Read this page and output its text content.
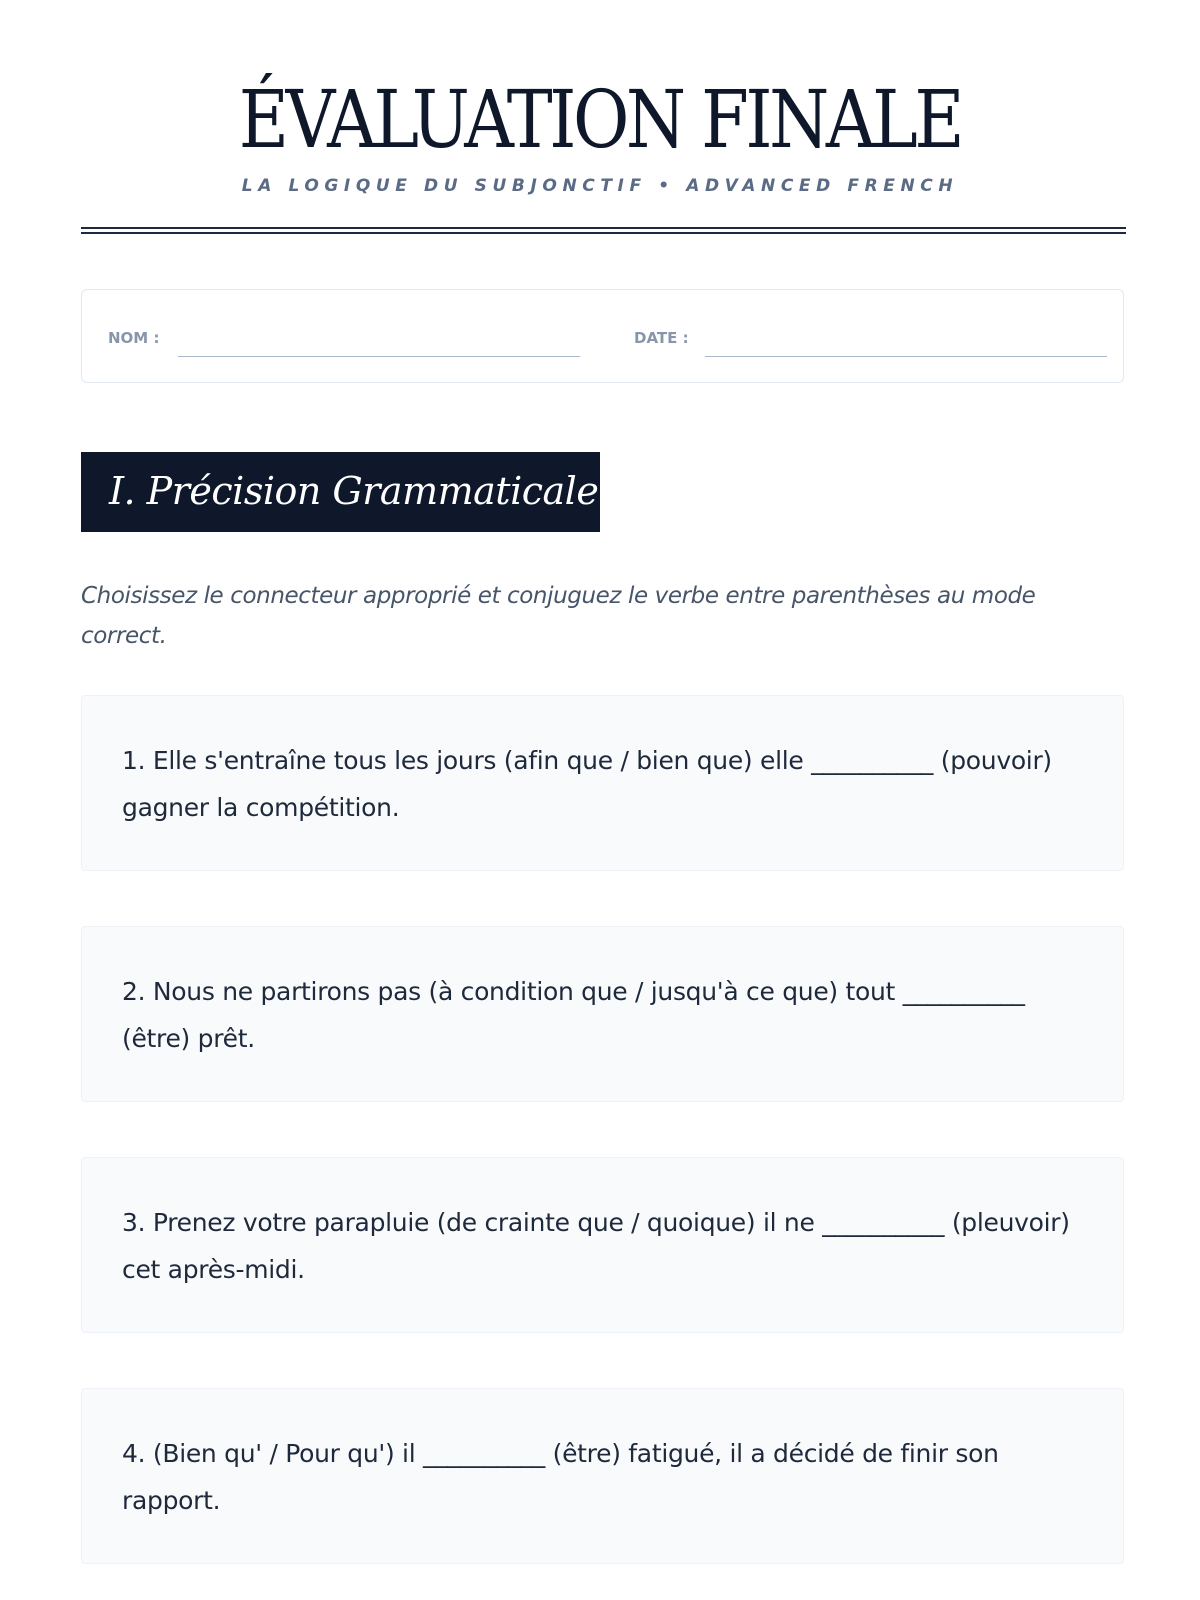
ÉVALUATION FINALE
LA LOGIQUE DU SUBJONCTIF • ADVANCED FRENCH
NOM :	DATE :
I. Précision Grammaticale
Choisissez le connecteur approprié et conjuguez le verbe entre parenthèses au mode correct.
1. Elle s'entraîne tous les jours (afin que / bien que) elle __________ (pouvoir) gagner la compétition.
2. Nous ne partirons pas (à condition que / jusqu'à ce que) tout __________ (être) prêt.
3. Prenez votre parapluie (de crainte que / quoique) il ne __________ (pleuvoir) cet après-midi.
4. (Bien qu' / Pour qu') il __________ (être) fatigué, il a décidé de finir son rapport.
